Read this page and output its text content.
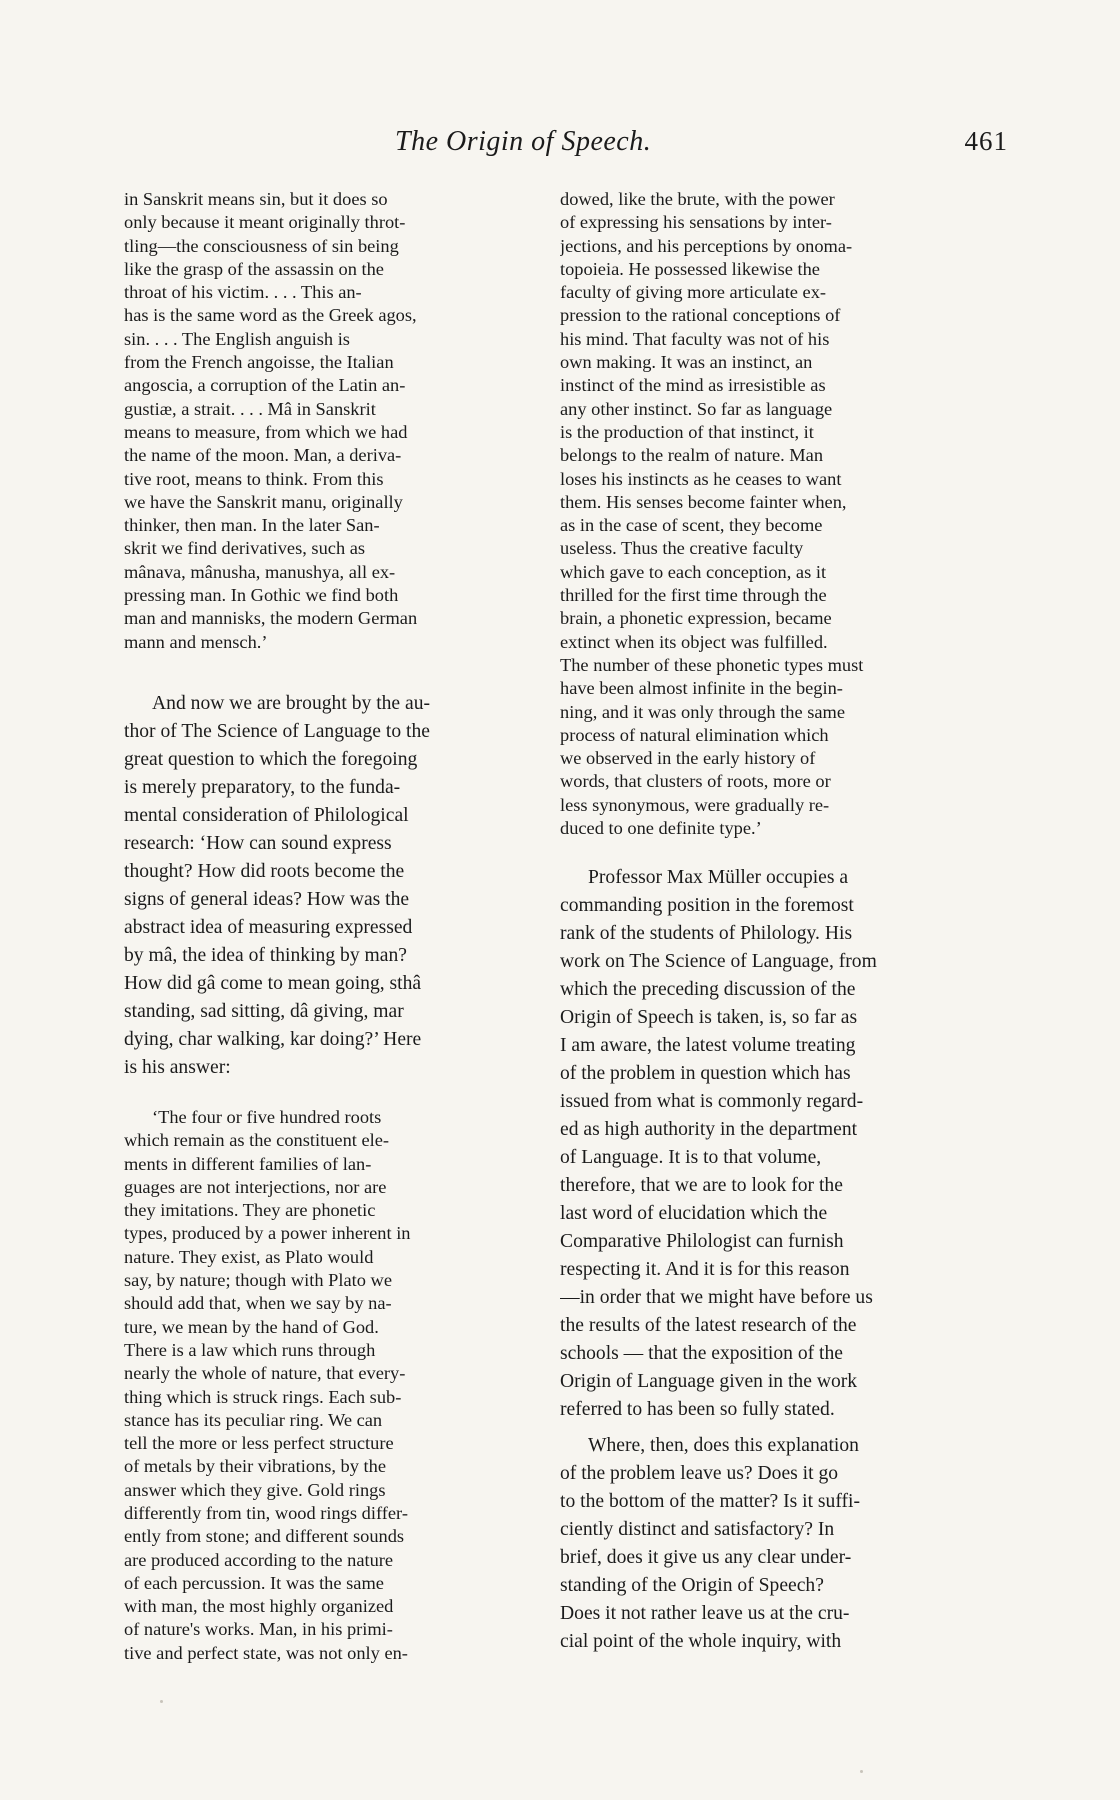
The Origin of Speech.	461
in Sanskrit means sin, but it does so
only because it meant originally throt-
tling—the consciousness of sin being
like the grasp of the assassin on the
throat of his victim. . . . This an-
has is the same word as the Greek agos,
sin. . . . The English anguish is
from the French angoisse, the Italian
angoscia, a corruption of the Latin an-
gustiæ, a strait. . . . Mâ in Sanskrit
means to measure, from which we had
the name of the moon. Man, a deriva-
tive root, means to think. From this
we have the Sanskrit manu, originally
thinker, then man. In the later San-
skrit we find derivatives, such as
mânava, mânusha, manushya, all ex-
pressing man. In Gothic we find both
man and mannisks, the modern German
mann and mensch.’
And now we are brought by the au-
thor of The Science of Language to the
great question to which the foregoing
is merely preparatory, to the funda-
mental consideration of Philological
research: ‘How can sound express
thought? How did roots become the
signs of general ideas? How was the
abstract idea of measuring expressed
by mâ, the idea of thinking by man?
How did gâ come to mean going, sthâ
standing, sad sitting, dâ giving, mar
dying, char walking, kar doing?’ Here
is his answer:
‘The four or five hundred roots
which remain as the constituent ele-
ments in different families of lan-
guages are not interjections, nor are
they imitations. They are phonetic
types, produced by a power inherent in
nature. They exist, as Plato would
say, by nature; though with Plato we
should add that, when we say by na-
ture, we mean by the hand of God.
There is a law which runs through
nearly the whole of nature, that every-
thing which is struck rings. Each sub-
stance has its peculiar ring. We can
tell the more or less perfect structure
of metals by their vibrations, by the
answer which they give. Gold rings
differently from tin, wood rings differ-
ently from stone; and different sounds
are produced according to the nature
of each percussion. It was the same
with man, the most highly organized
of nature's works. Man, in his primi-
tive and perfect state, was not only en-
dowed, like the brute, with the power
of expressing his sensations by inter-
jections, and his perceptions by onoma-
topoieia. He possessed likewise the
faculty of giving more articulate ex-
pression to the rational conceptions of
his mind. That faculty was not of his
own making. It was an instinct, an
instinct of the mind as irresistible as
any other instinct. So far as language
is the production of that instinct, it
belongs to the realm of nature. Man
loses his instincts as he ceases to want
them. His senses become fainter when,
as in the case of scent, they become
useless. Thus the creative faculty
which gave to each conception, as it
thrilled for the first time through the
brain, a phonetic expression, became
extinct when its object was fulfilled.
The number of these phonetic types must
have been almost infinite in the begin-
ning, and it was only through the same
process of natural elimination which
we observed in the early history of
words, that clusters of roots, more or
less synonymous, were gradually re-
duced to one definite type.’
Professor Max Müller occupies a
commanding position in the foremost
rank of the students of Philology. His
work on The Science of Language, from
which the preceding discussion of the
Origin of Speech is taken, is, so far as
I am aware, the latest volume treating
of the problem in question which has
issued from what is commonly regard-
ed as high authority in the department
of Language. It is to that volume,
therefore, that we are to look for the
last word of elucidation which the
Comparative Philologist can furnish
respecting it. And it is for this reason
—in order that we might have before us
the results of the latest research of the
schools — that the exposition of the
Origin of Language given in the work
referred to has been so fully stated.
Where, then, does this explanation
of the problem leave us? Does it go
to the bottom of the matter? Is it suffi-
ciently distinct and satisfactory? In
brief, does it give us any clear under-
standing of the Origin of Speech?
Does it not rather leave us at the cru-
cial point of the whole inquiry, with
